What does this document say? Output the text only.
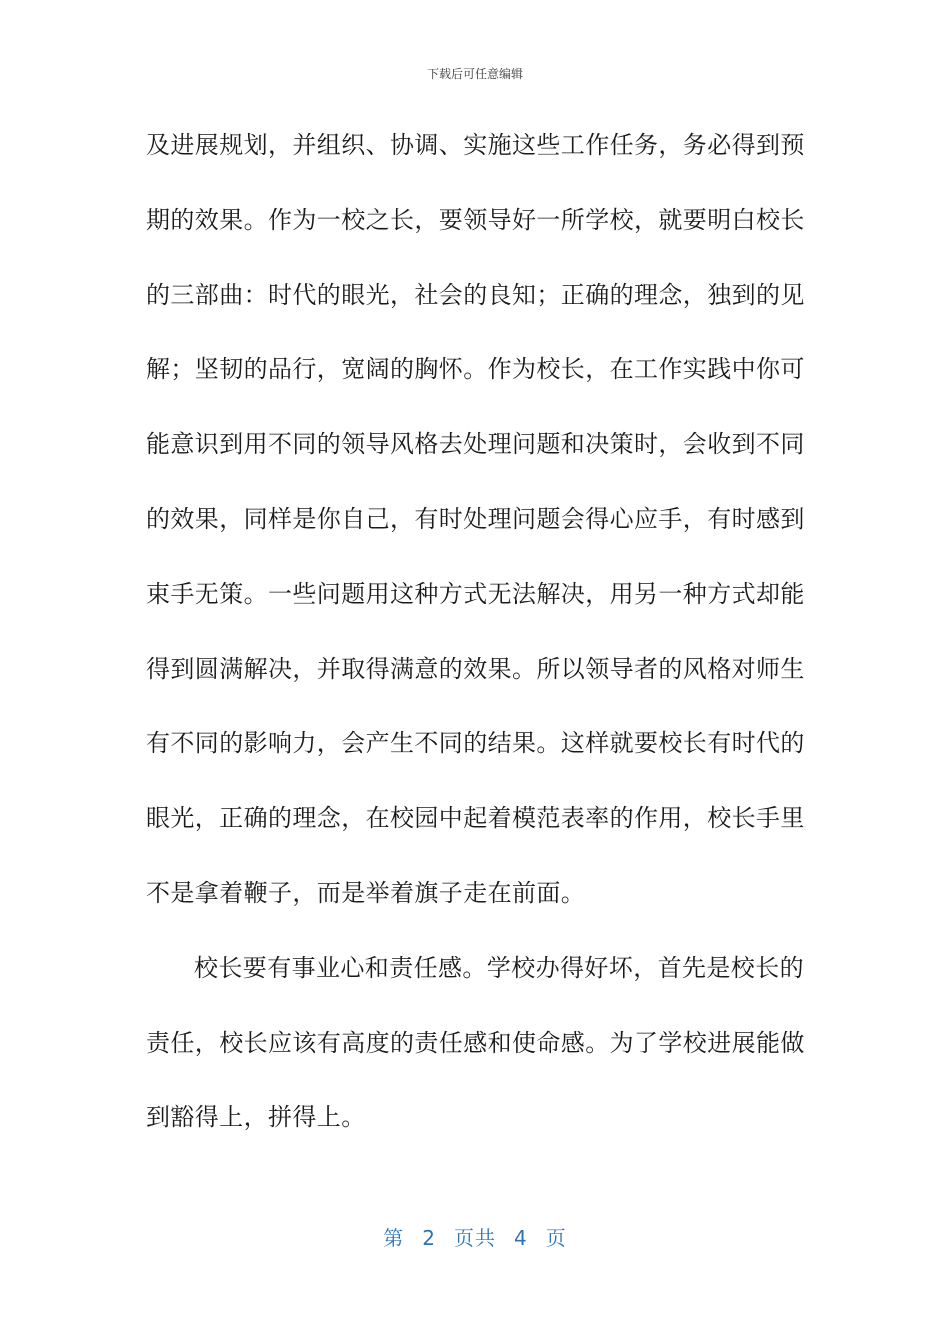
下载后可任意编辑
及进展规划，并组织、协调、实施这些工作任务，务必得到预
期的效果。作为一校之长，要领导好一所学校，就要明白校长
的三部曲：时代的眼光，社会的良知；正确的理念，独到的见
解；坚韧的品行，宽阔的胸怀。作为校长，在工作实践中你可
能意识到用不同的领导风格去处理问题和决策时，会收到不同
的效果，同样是你自己，有时处理问题会得心应手，有时感到
束手无策。一些问题用这种方式无法解决，用另一种方式却能
得到圆满解决，并取得满意的效果。所以领导者的风格对师生
有不同的影响力，会产生不同的结果。这样就要校长有时代的
眼光，正确的理念，在校园中起着模范表率的作用，校长手里
不是拿着鞭子，而是举着旗子走在前面。
校长要有事业心和责任感。学校办得好坏，首先是校长的
责任，校长应该有高度的责任感和使命感。为了学校进展能做
到豁得上，拼得上。
第 2 页共 4 页
